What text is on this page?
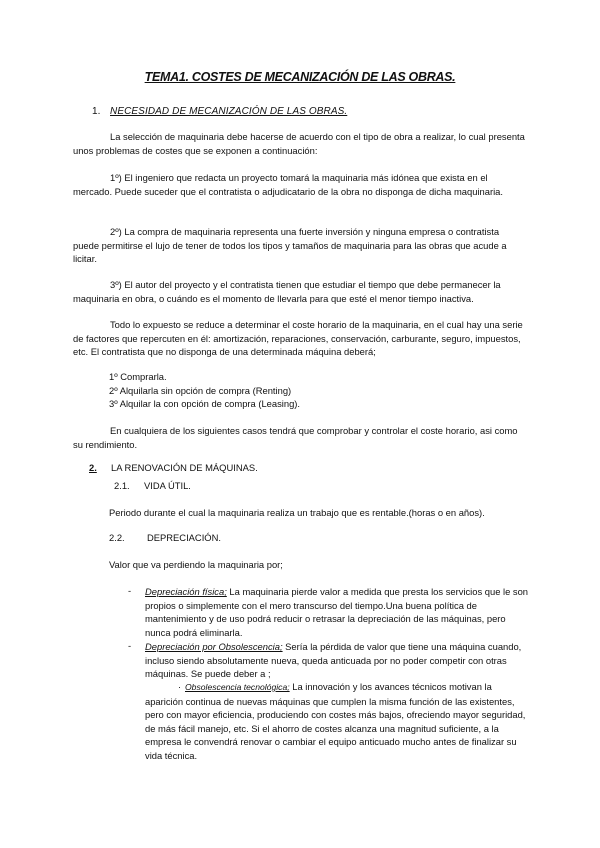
TEMA1. COSTES DE MECANIZACIÓN DE LAS OBRAS.
1. NECESIDAD DE MECANIZACIÓN DE LAS OBRAS.

La selección de maquinaria debe hacerse de acuerdo con el tipo de obra a realizar, lo cual presenta unos problemas de costes que se exponen a continuación:

1º) El ingeniero que redacta un proyecto tomará la maquinaria más idónea que exista en el mercado. Puede suceder que el contratista o adjudicatario de la obra no disponga de dicha maquinaria.

2º) La compra de maquinaria representa una fuerte inversión y ninguna empresa o contratista puede permitirse el lujo de tener de todos los tipos y tamaños de maquinaria para las obras que acude a licitar.

3º) El autor del proyecto y el contratista tienen que estudiar el tiempo que debe permanecer la maquinaria en obra, o cuándo es el momento de llevarla para que esté el menor tiempo inactiva.

Todo lo expuesto se reduce a determinar el coste horario de la maquinaria, en el cual hay una serie de factores que repercuten en él: amortización, reparaciones, conservación, carburante, seguro, impuestos, etc. El contratista que no disponga de una determinada máquina deberá;

1º Comprarla.
2º Alquilarla sin opción de compra (Renting)
3º Alquilar la con opción de compra (Leasing).

En cualquiera de los siguientes casos tendrá que comprobar y controlar el coste horario, asi como su rendimiento.

2. LA RENOVACIÓN DE MÁQUINAS.
2.1. VIDA ÚTIL.
Periodo durante el cual la maquinaria realiza un trabajo que es rentable.(horas o en años).
2.2. DEPRECIACIÓN.
Valor que va perdiendo la maquinaria por;
- Depreciación física; La maquinaria pierde valor a medida que presta los servicios que le son propios o simplemente con el mero transcurso del tiempo.Una buena política de mantenimiento y de uso podrá reducir o retrasar la depreciación de las máquinas, pero nunca podrá eliminarla.

- Depreciación por Obsolescencia; Sería la pérdida de valor que tiene una máquina cuando, incluso siendo absolutamente nueva, queda anticuada por no poder competir con otras máquinas. Se puede deber a ;

· Obsolescencia tecnológica; La innovación y los avances técnicos motivan la aparición continua de nuevas máquinas que cumplen la misma función de las existentes, pero con mayor eficiencia, produciendo con costes más bajos, ofreciendo mayor seguridad, de más fácil manejo, etc. Si el ahorro de costes alcanza una magnitud suficiente, a la empresa le convendrá renovar o cambiar el equipo anticuado mucho antes de finalizar su vida técnica.
